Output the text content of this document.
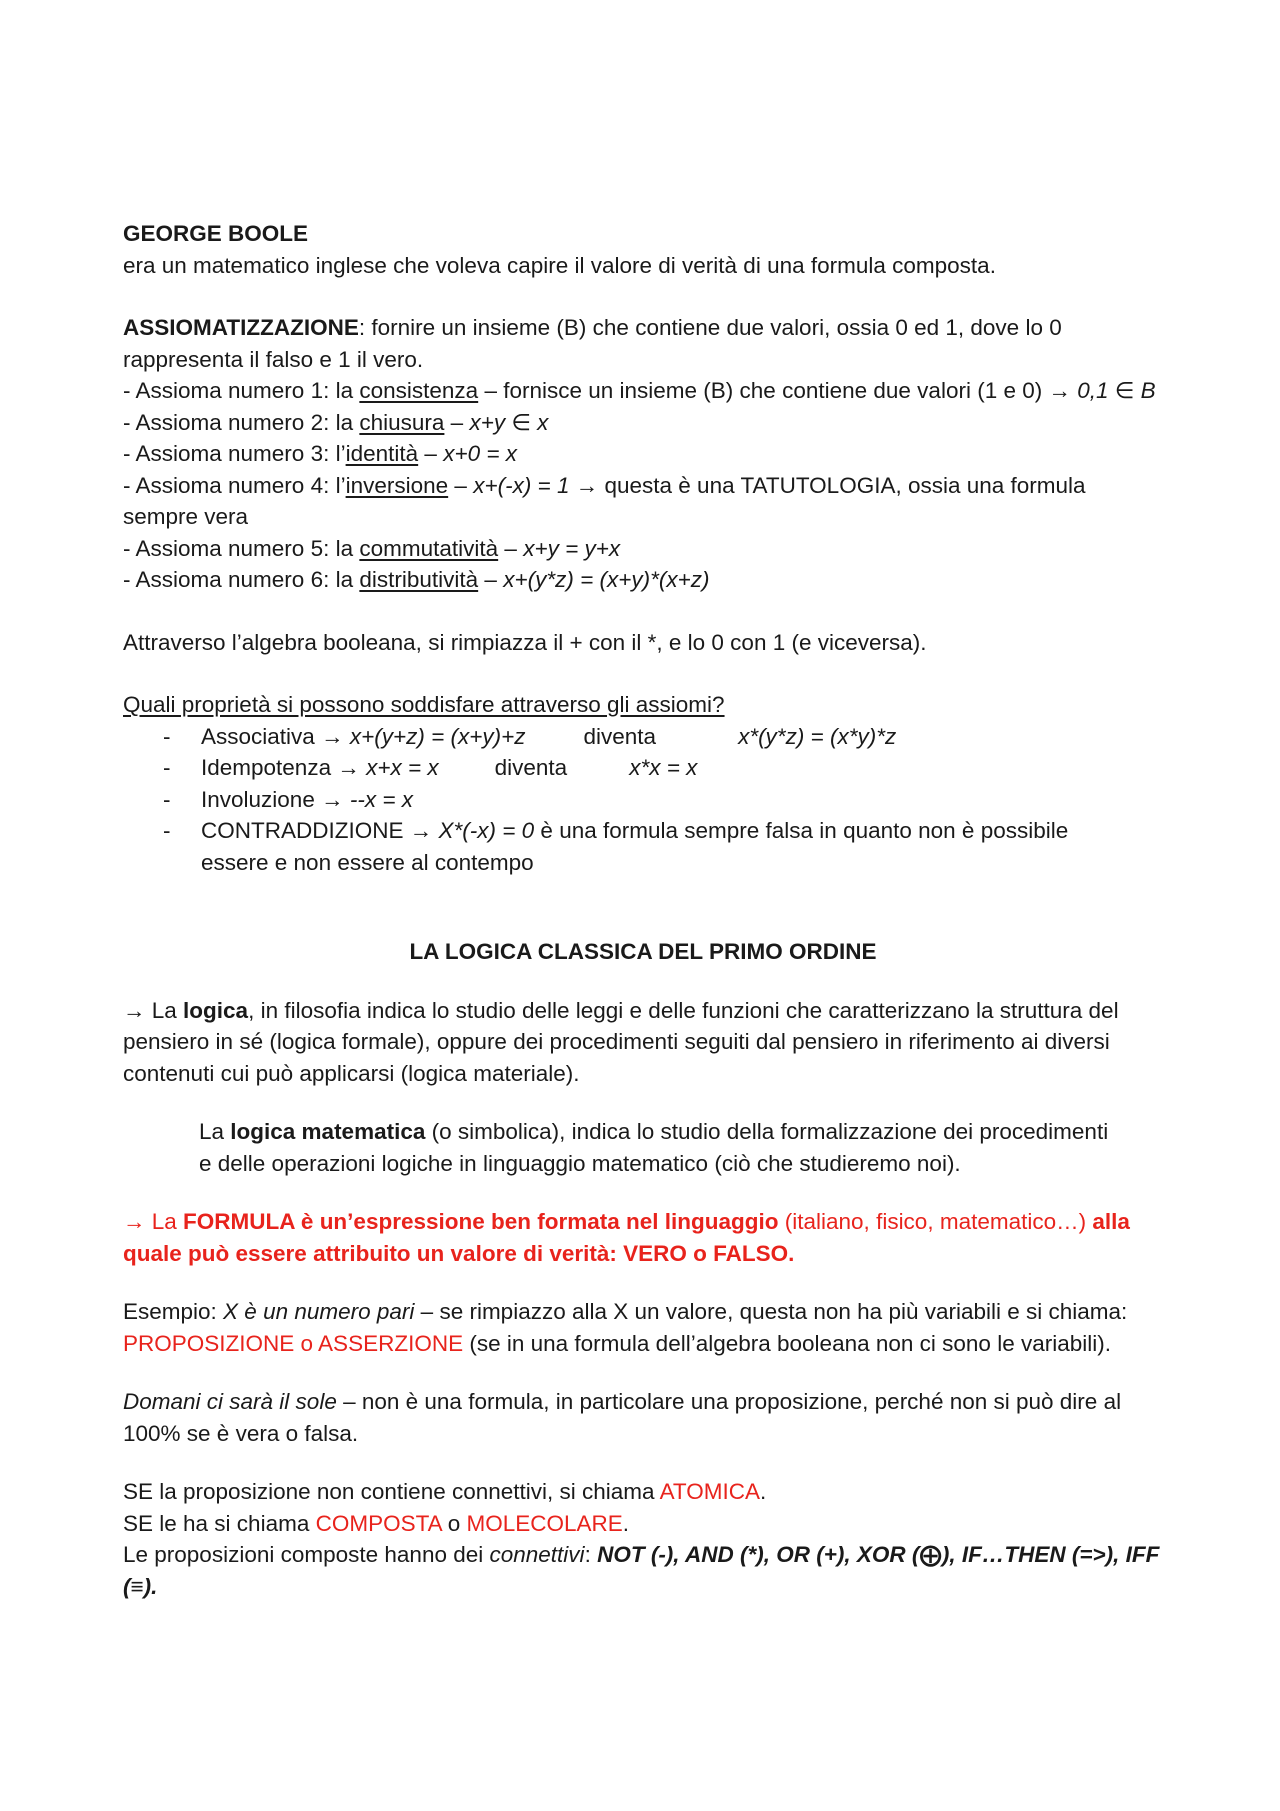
GEORGE BOOLE
era un matematico inglese che voleva capire il valore di verità di una formula composta.
ASSIOMATIZZAZIONE: fornire un insieme (B) che contiene due valori, ossia 0 ed 1, dove lo 0 rappresenta il falso e 1 il vero.
- Assioma numero 1: la consistenza – fornisce un insieme (B) che contiene due valori (1 e 0) → 0,1 ∈ B
- Assioma numero 2: la chiusura – x+y ∈ x
- Assioma numero 3: l’identità – x+0 = x
- Assioma numero 4: l’inversione – x+(-x) = 1 → questa è una TATUTOLOGIA, ossia una formula sempre vera
- Assioma numero 5: la commutatività – x+y = y+x
- Assioma numero 6: la distributività – x+(y*z) = (x+y)*(x+z)
Attraverso l’algebra booleana, si rimpiazza il + con il *, e lo 0 con 1 (e viceversa).
Quali proprietà si possono soddisfare attraverso gli assiomi?
- Associativa → x+(y+z) = (x+y)+z	diventa	x*(y*z) = (x*y)*z
- Idempotenza → x+x = x diventa	x*x = x
- Involuzione → --x = x
- CONTRADDIZIONE → X*(-x) = 0 è una formula sempre falsa in quanto non è possibile essere e non essere al contempo
LA LOGICA CLASSICA DEL PRIMO ORDINE
→ La logica, in filosofia indica lo studio delle leggi e delle funzioni che caratterizzano la struttura del pensiero in sé (logica formale), oppure dei procedimenti seguiti dal pensiero in riferimento ai diversi contenuti cui può applicarsi (logica materiale).
La logica matematica (o simbolica), indica lo studio della formalizzazione dei procedimenti e delle operazioni logiche in linguaggio matematico (ciò che studieremo noi).
→ La FORMULA è un’espressione ben formata nel linguaggio (italiano, fisico, matematico…) alla quale può essere attribuito un valore di verità: VERO o FALSO.
Esempio: X è un numero pari – se rimpiazzo alla X un valore, questa non ha più variabili e si chiama: PROPOSIZIONE o ASSERZIONE (se in una formula dell’algebra booleana non ci sono le variabili).
Domani ci sarà il sole – non è una formula, in particolare una proposizione, perché non si può dire al 100% se è vera o falsa.
SE la proposizione non contiene connettivi, si chiama ATOMICA.
SE le ha si chiama COMPOSTA o MOLECOLARE.
Le proposizioni composte hanno dei connettivi: NOT (-), AND (*), OR (+), XOR (⨁), IF…THEN (=>), IFF (≡).
